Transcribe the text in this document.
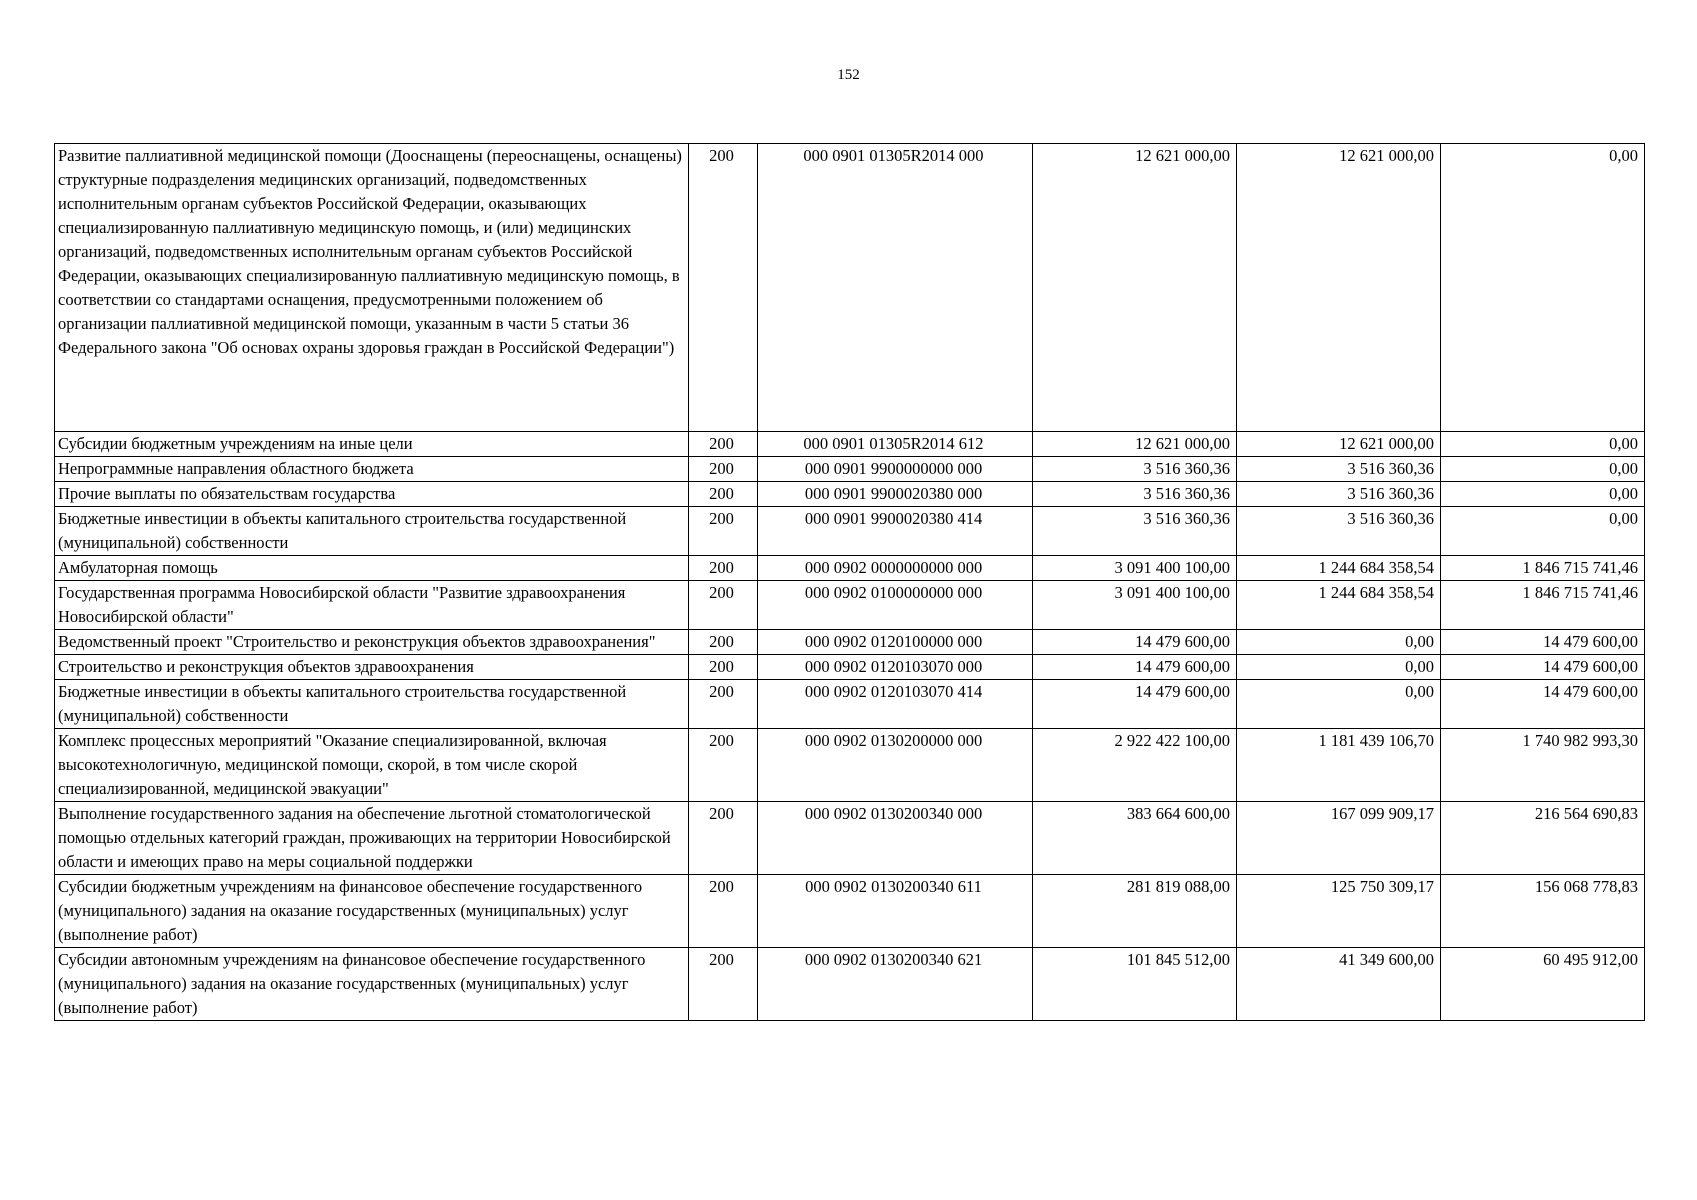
152
Развитие паллиативной медицинской помощи (Дооснащены (переоснащены, оснащены) структурные подразделения медицинских организаций, подведомственных исполнительным органам субъектов Российской Федерации, оказывающих специализированную паллиативную медицинскую помощь, и (или) медицинских организаций, подведомственных исполнительным органам субъектов Российской Федерации, оказывающих специализированную паллиативную медицинскую помощь, в соответствии со стандартами оснащения, предусмотренными положением об организации паллиативной медицинской помощи, указанным в части 5 статьи 36 Федерального закона "Об основах охраны здоровья граждан в Российской Федерации")	200	000 0901 01305R2014 000	12 621 000,00	12 621 000,00	0,00
Субсидии бюджетным учреждениям на иные цели	200	000 0901 01305R2014 612	12 621 000,00	12 621 000,00	0,00
Непрограммные направления областного бюджета	200	000 0901 9900000000 000	3 516 360,36	3 516 360,36	0,00
Прочие выплаты по обязательствам государства	200	000 0901 9900020380 000	3 516 360,36	3 516 360,36	0,00
Бюджетные инвестиции в объекты капитального строительства государственной (муниципальной) собственности	200	000 0901 9900020380 414	3 516 360,36	3 516 360,36	0,00
Амбулаторная помощь	200	000 0902 0000000000 000	3 091 400 100,00	1 244 684 358,54	1 846 715 741,46
Государственная программа Новосибирской области "Развитие здравоохранения Новосибирской области"	200	000 0902 0100000000 000	3 091 400 100,00	1 244 684 358,54	1 846 715 741,46
Ведомственный проект "Строительство и реконструкция объектов здравоохранения"	200	000 0902 0120100000 000	14 479 600,00	0,00	14 479 600,00
Строительство и реконструкция объектов здравоохранения	200	000 0902 0120103070 000	14 479 600,00	0,00	14 479 600,00
Бюджетные инвестиции в объекты капитального строительства государственной (муниципальной) собственности	200	000 0902 0120103070 414	14 479 600,00	0,00	14 479 600,00
Комплекс процессных мероприятий "Оказание специализированной, включая высокотехнологичную, медицинской помощи, скорой, в том числе скорой специализированной, медицинской эвакуации"	200	000 0902 0130200000 000	2 922 422 100,00	1 181 439 106,70	1 740 982 993,30
Выполнение государственного задания на обеспечение льготной стоматологической помощью отдельных категорий граждан, проживающих на территории Новосибирской области и имеющих право на меры социальной поддержки	200	000 0902 0130200340 000	383 664 600,00	167 099 909,17	216 564 690,83
Субсидии бюджетным учреждениям на финансовое обеспечение государственного (муниципального) задания на оказание государственных (муниципальных) услуг (выполнение работ)	200	000 0902 0130200340 611	281 819 088,00	125 750 309,17	156 068 778,83
Субсидии автономным учреждениям на финансовое обеспечение государственного (муниципального) задания на оказание государственных (муниципальных) услуг (выполнение работ)	200	000 0902 0130200340 621	101 845 512,00	41 349 600,00	60 495 912,00
